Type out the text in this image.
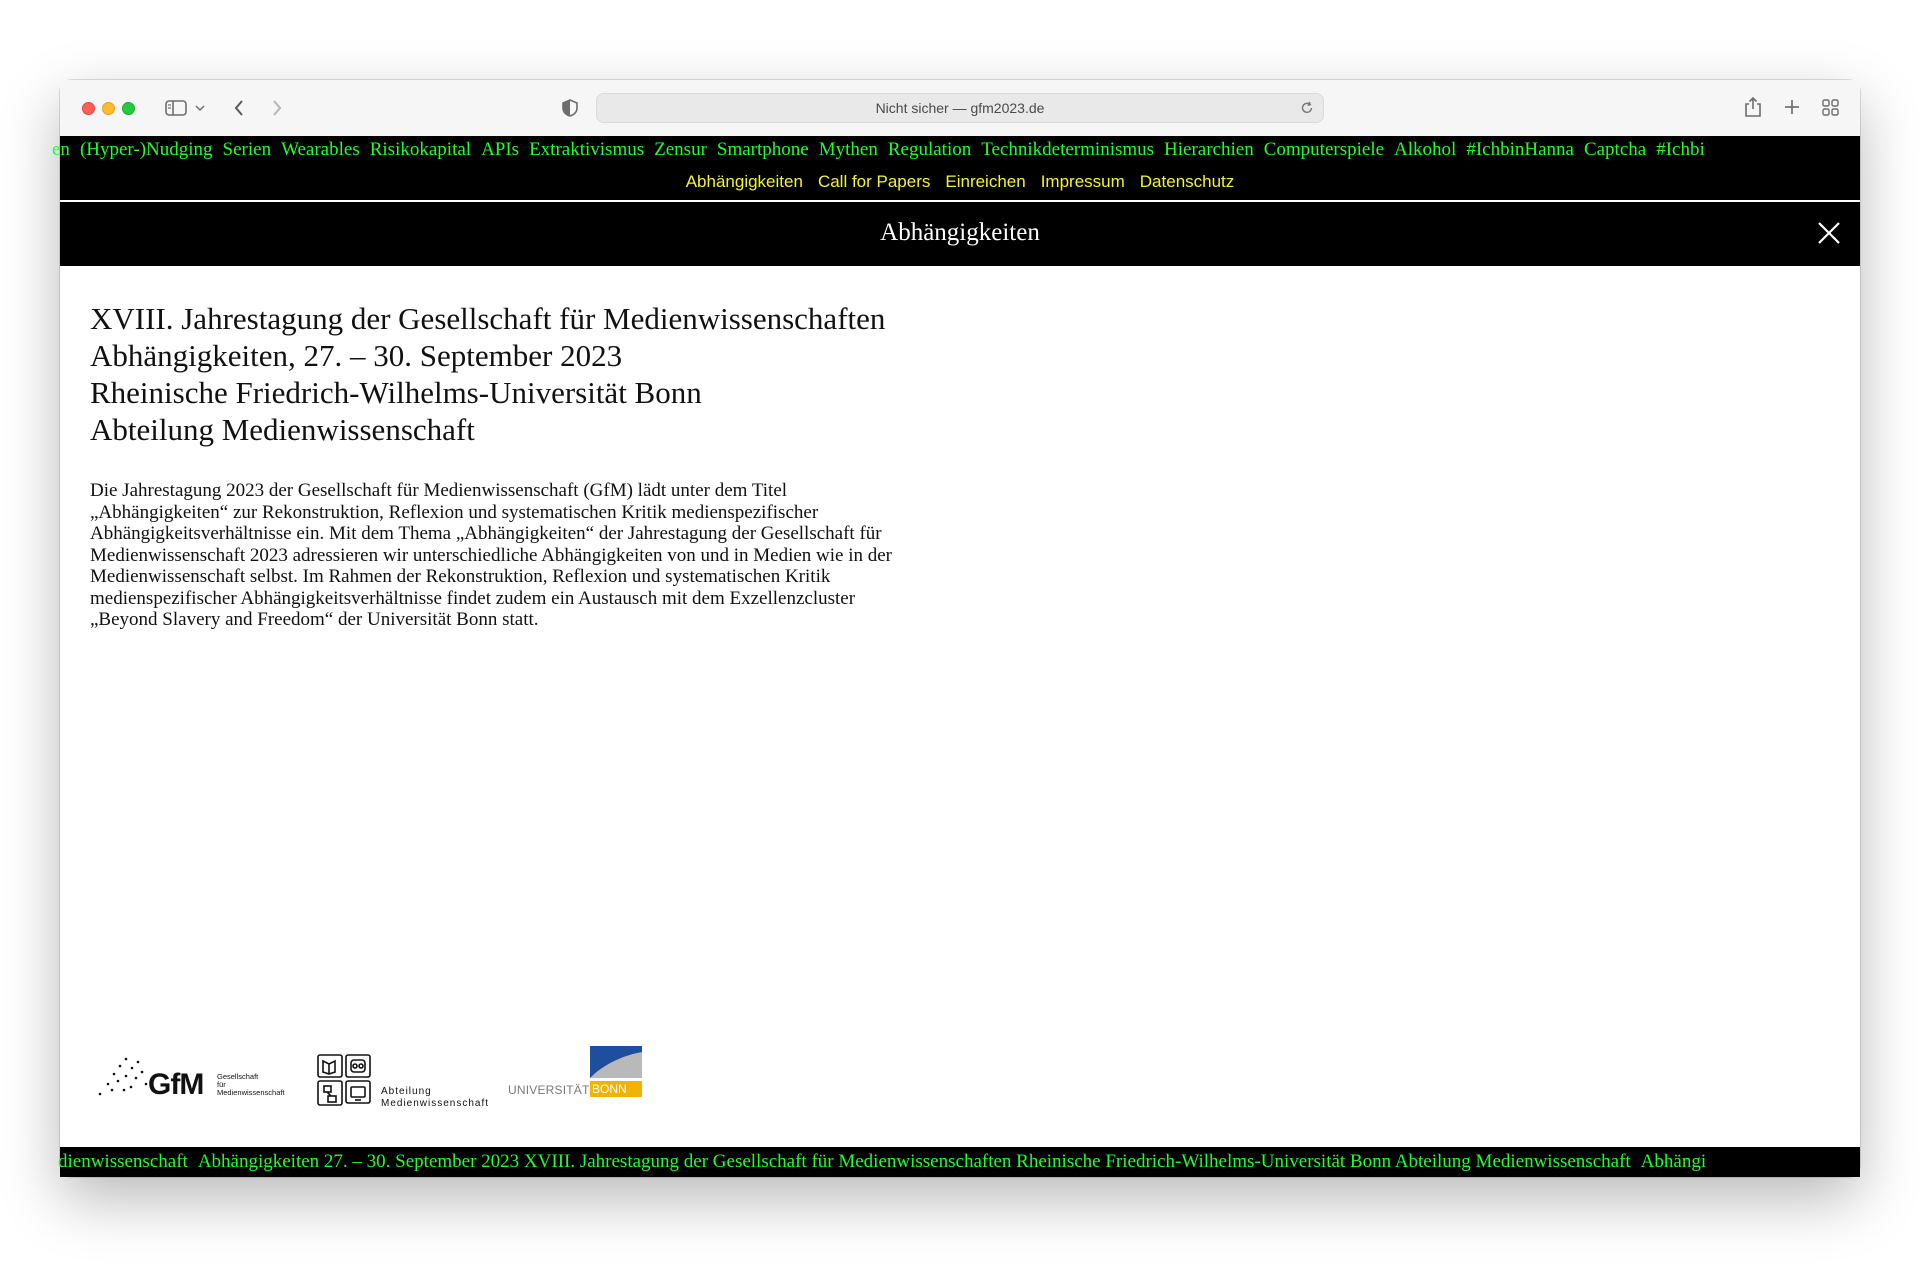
Nicht sicher — gfm2023.de
en (Hyper-)Nudging Serien Wearables Risikokapital APIs Extraktivismus Zensur Smartphone Mythen Regulation Technikdeterminismus Hierarchien Computerspiele Alkohol #IchbinHanna Captcha #Ichbi
Abhängigkeiten Call for Papers Einreichen Impressum Datenschutz
Abhängigkeiten

XVIII. Jahrestagung der Gesellschaft für Medienwissenschaften

Abhängigkeiten, 27. – 30. September 2023

Rheinische Friedrich-Wilhelms-Universität Bonn

Abteilung Medienwissenschaft

Die Jahrestagung 2023 der Gesellschaft für Medienwissenschaft (GfM) lädt unter dem Titel
„Abhängigkeiten“ zur Rekonstruktion, Reflexion und systematischen Kritik medienspezifischer
Abhängigkeitsverhältnisse ein. Mit dem Thema „Abhängigkeiten“ der Jahrestagung der Gesellschaft für
Medienwissenschaft 2023 adressieren wir unterschiedliche Abhängigkeiten von und in Medien wie in der
Medienwissenschaft selbst. Im Rahmen der Rekonstruktion, Reflexion und systematischen Kritik
medienspezifischer Abhängigkeitsverhältnisse findet zudem ein Austausch mit dem Exzellenzcluster
„Beyond Slavery and Freedom“ der Universität Bonn statt.
GfM Gesellschaft
für
Medienwissenschaft	Abteilung
Medienwissenschaft
UNIVERSITÄT BONN
dienwissenschaft Abhängigkeiten 27. – 30. September 2023 XVIII. Jahrestagung der Gesellschaft für Medienwissenschaften Rheinische Friedrich-Wilhelms-Universität Bonn Abteilung Medienwissenschaft Abhängi
